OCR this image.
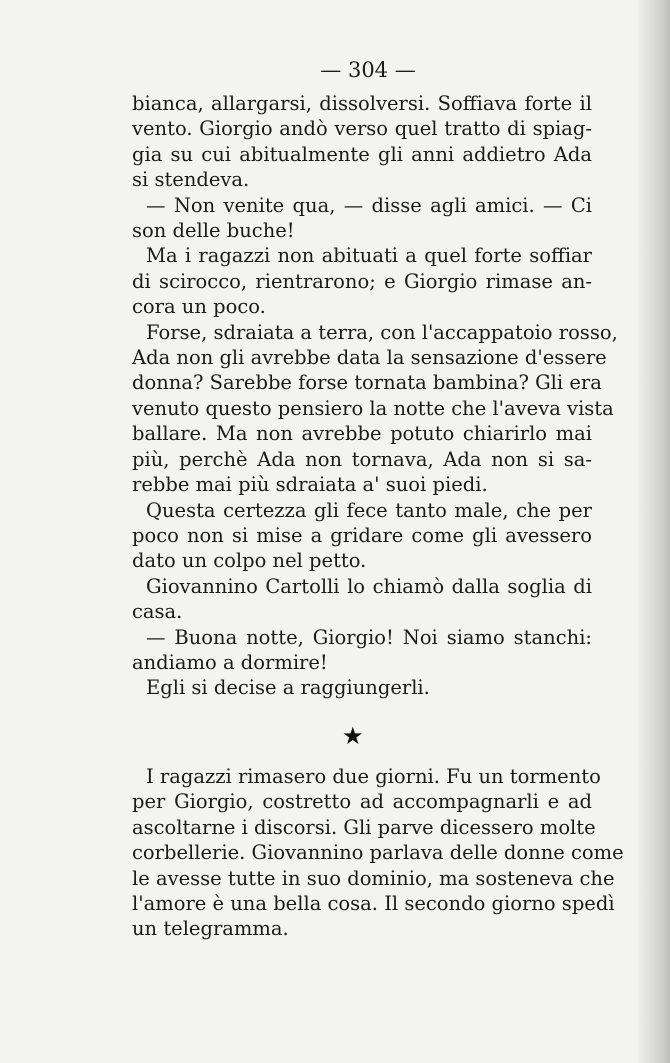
— 304 —
bianca, allargarsi, dissolversi. Soffiava forte il
vento. Giorgio andò verso quel tratto di spiag-
gia su cui abitualmente gli anni addietro Ada
si stendeva.
— Non venite qua, — disse agli amici. — Ci
son delle buche!
Ma i ragazzi non abituati a quel forte soffiar
di scirocco, rientrarono; e Giorgio rimase an-
cora un poco.
Forse, sdraiata a terra, con l'accappatoio rosso,
Ada non gli avrebbe data la sensazione d'essere
donna? Sarebbe forse tornata bambina? Gli era
venuto questo pensiero la notte che l'aveva vista
ballare. Ma non avrebbe potuto chiarirlo mai
più, perchè Ada non tornava, Ada non si sa-
rebbe mai più sdraiata a' suoi piedi.
Questa certezza gli fece tanto male, che per
poco non si mise a gridare come gli avessero
dato un colpo nel petto.
Giovannino Cartolli lo chiamò dalla soglia di
casa.
— Buona notte, Giorgio! Noi siamo stanchi:
andiamo a dormire!
Egli si decise a raggiungerli.
★
I ragazzi rimasero due giorni. Fu un tormento
per Giorgio, costretto ad accompagnarli e ad
ascoltarne i discorsi. Gli parve dicessero molte
corbellerie. Giovannino parlava delle donne come
le avesse tutte in suo dominio, ma sosteneva che
l'amore è una bella cosa. Il secondo giorno spedì
un telegramma.
